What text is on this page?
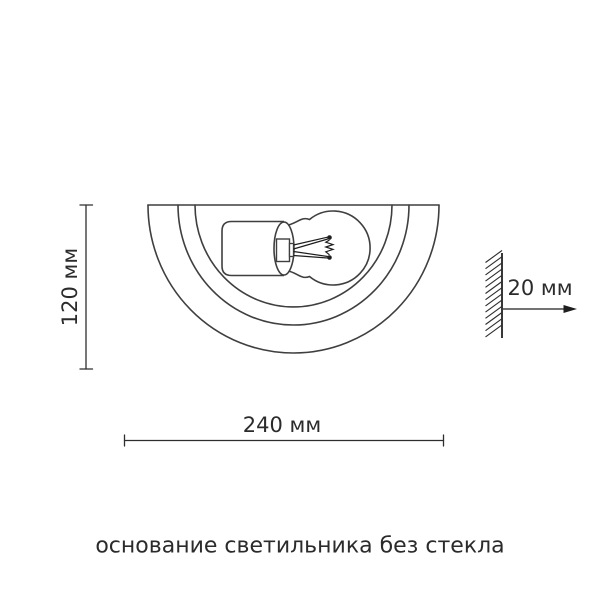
120 мм
240 мм
20 мм
основание светильника без стекла
